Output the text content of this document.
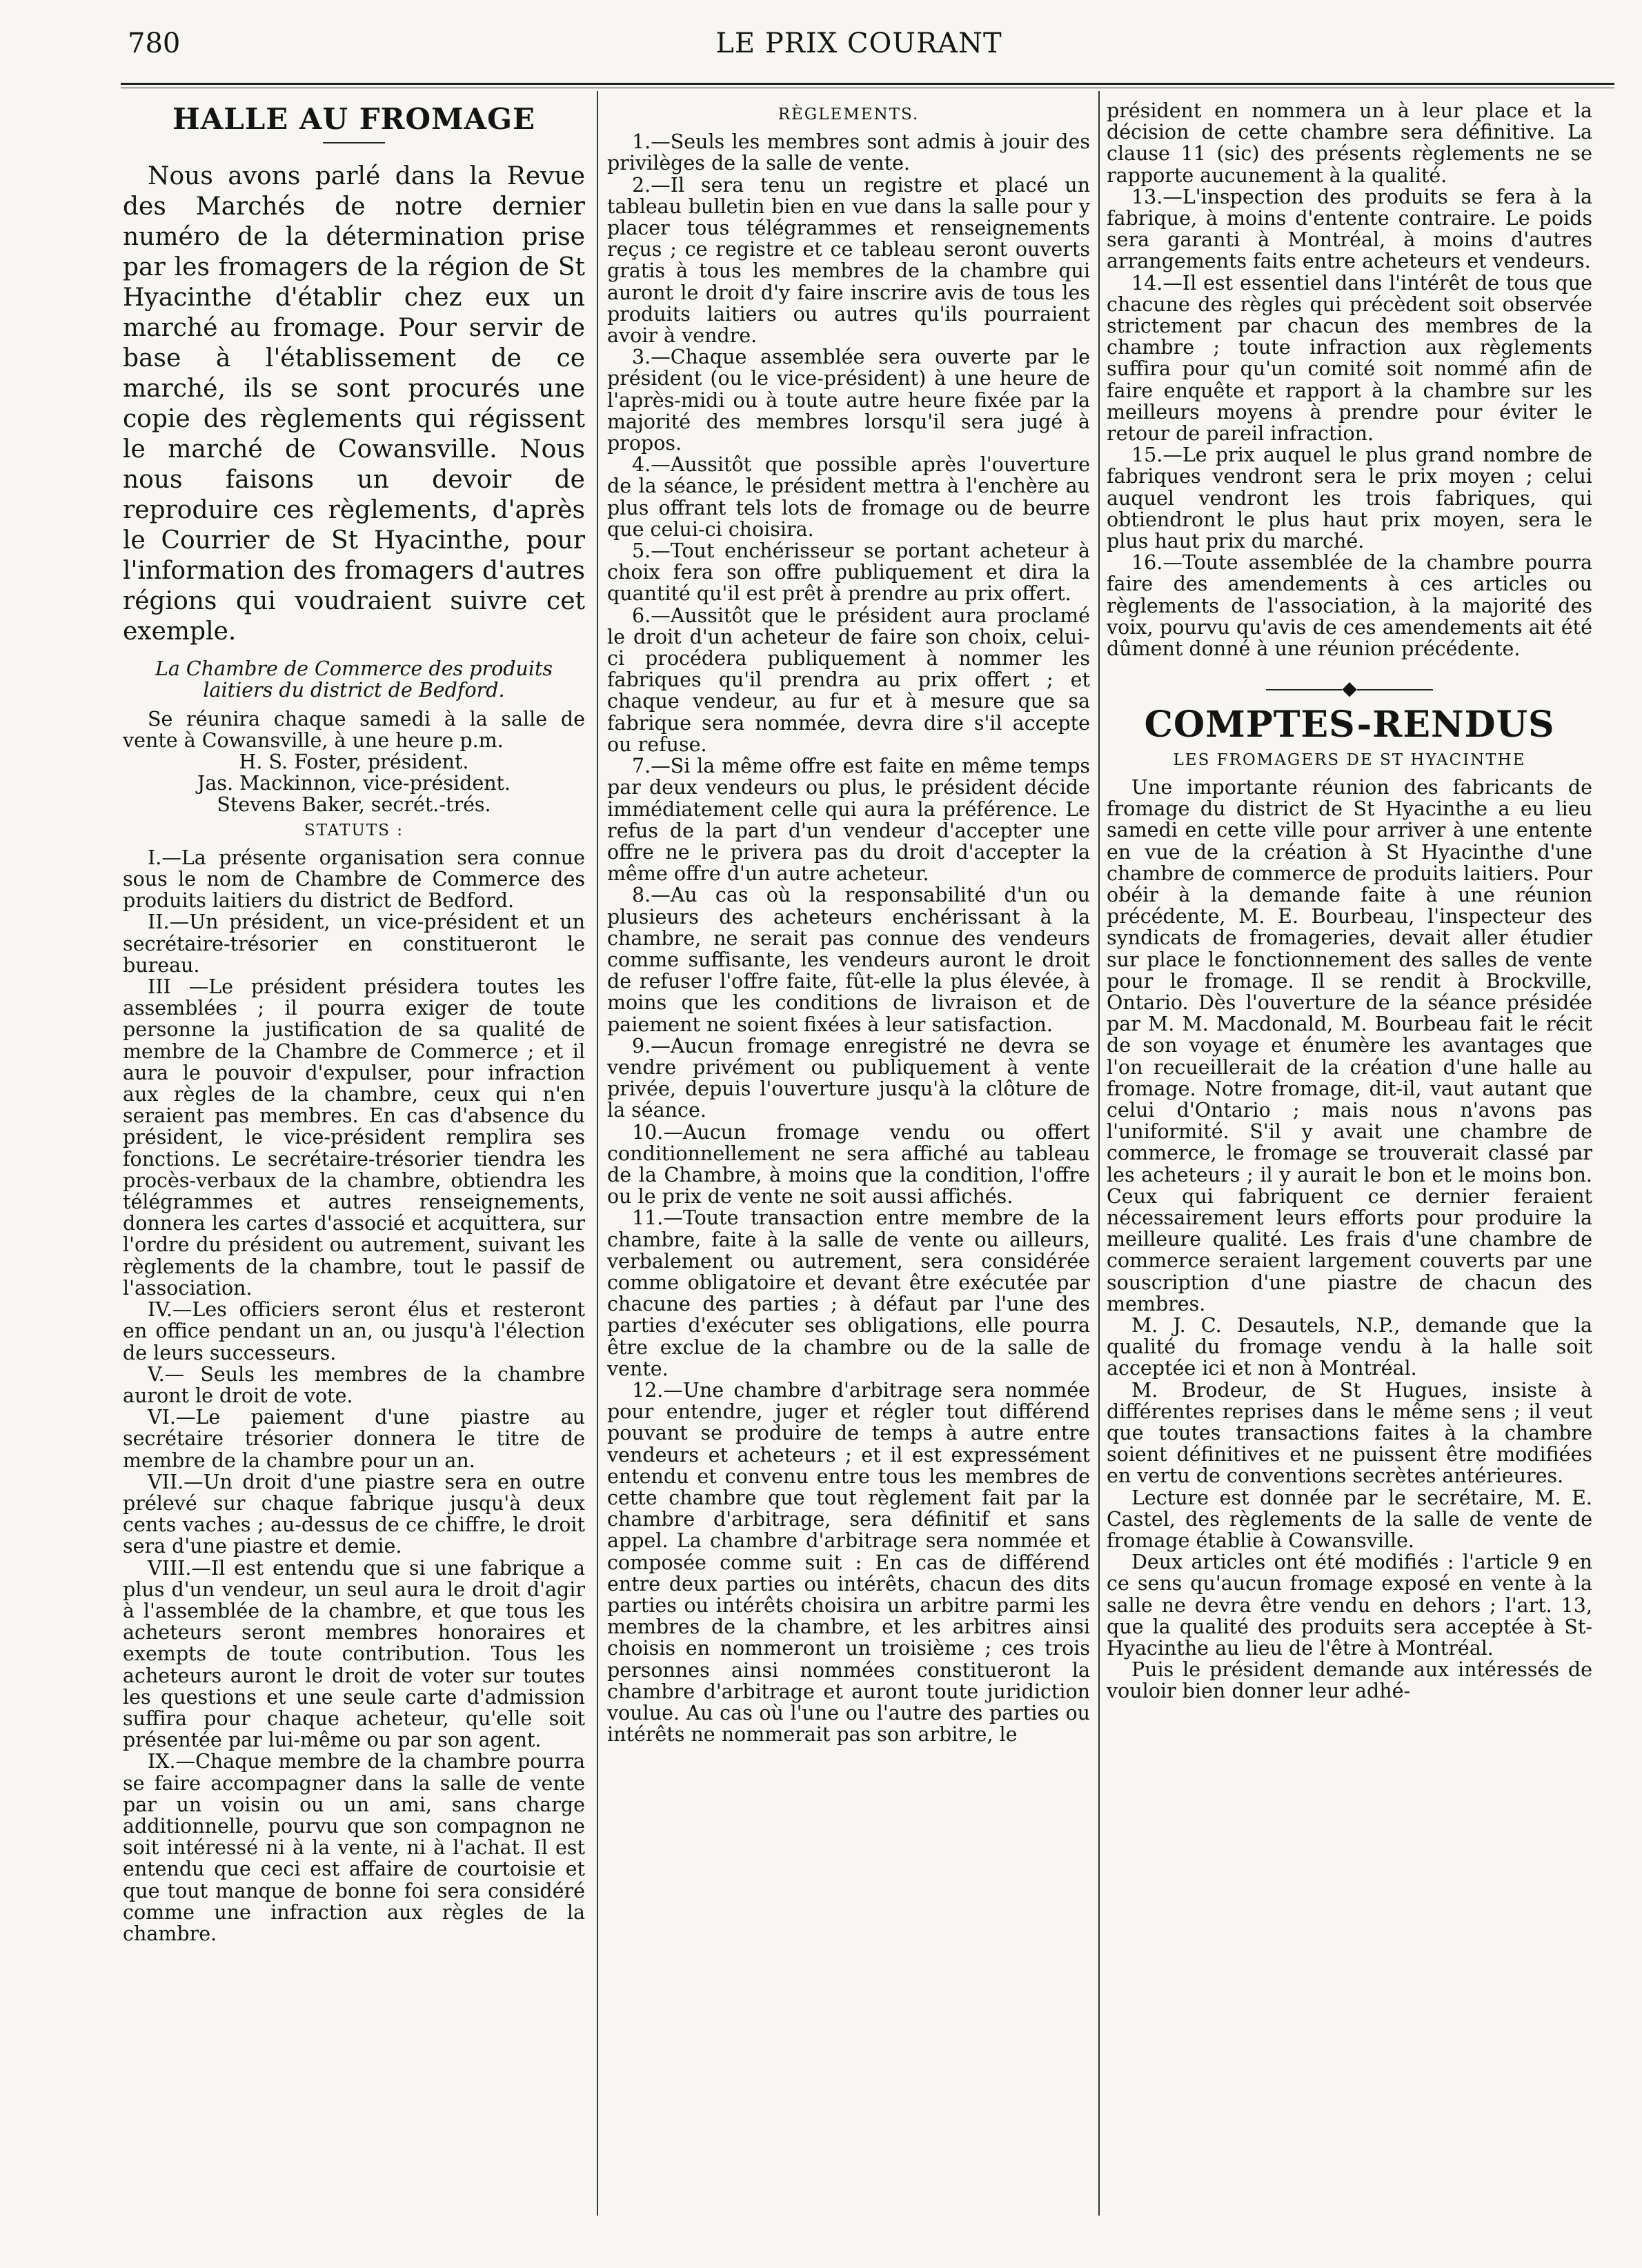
780	LE PRIX COURANT
HALLE AU FROMAGE

Nous avons parlé dans la Revue des Marchés de notre dernier numéro de la détermination prise par les fromagers de la région de St Hyacinthe d'établir chez eux un marché au fromage. Pour servir de base à l'établissement de ce marché, ils se sont procurés une copie des règlements qui régissent le marché de Cowansville. Nous nous faisons un devoir de reproduire ces règlements, d'après le Courrier de St Hyacinthe, pour l'information des fromagers d'autres régions qui voudraient suivre cet exemple.

La Chambre de Commerce des produits laitiers du district de Bedford.

Se réunira chaque samedi à la salle de vente à Cowansville, à une heure p.m.

H. S. Foster, président.

Jas. Mackinnon, vice-président.

Stevens Baker, secrét.-trés.

STATUTS :

I.—La présente organisation sera connue sous le nom de Chambre de Commerce des produits laitiers du district de Bedford.

II.—Un président, un vice-président et un secrétaire-trésorier en constitueront le bureau.

III —Le président présidera toutes les assemblées ; il pourra exiger de toute personne la justification de sa qualité de membre de la Chambre de Commerce ; et il aura le pouvoir d'expulser, pour infraction aux règles de la chambre, ceux qui n'en seraient pas membres. En cas d'absence du président, le vice-président remplira ses fonctions. Le secrétaire-trésorier tiendra les procès-verbaux de la chambre, obtiendra les télégrammes et autres renseignements, donnera les cartes d'associé et acquittera, sur l'ordre du président ou autrement, suivant les règlements de la chambre, tout le passif de l'association.

IV.—Les officiers seront élus et resteront en office pendant un an, ou jusqu'à l'élection de leurs successeurs.

V.— Seuls les membres de la chambre auront le droit de vote.

VI.—Le paiement d'une piastre au secrétaire trésorier donnera le titre de membre de la chambre pour un an.

VII.—Un droit d'une piastre sera en outre prélevé sur chaque fabrique jusqu'à deux cents vaches ; au-dessus de ce chiffre, le droit sera d'une piastre et demie.

VIII.—Il est entendu que si une fabrique a plus d'un vendeur, un seul aura le droit d'agir à l'assemblée de la chambre, et que tous les acheteurs seront membres honoraires et exempts de toute contribution. Tous les acheteurs auront le droit de voter sur toutes les questions et une seule carte d'admission suffira pour chaque acheteur, qu'elle soit présentée par lui-même ou par son agent.

IX.—Chaque membre de la chambre pourra se faire accompagner dans la salle de vente par un voisin ou un ami, sans charge additionnelle, pourvu que son compagnon ne soit intéressé ni à la vente, ni à l'achat. Il est entendu que ceci est affaire de courtoisie et que tout manque de bonne foi sera considéré comme une infraction aux règles de la chambre.

RÈGLEMENTS.

1.—Seuls les membres sont admis à jouir des privilèges de la salle de vente.

2.—Il sera tenu un registre et placé un tableau bulletin bien en vue dans la salle pour y placer tous télégrammes et renseignements reçus ; ce registre et ce tableau seront ouverts gratis à tous les membres de la chambre qui auront le droit d'y faire inscrire avis de tous les produits laitiers ou autres qu'ils pourraient avoir à vendre.

3.—Chaque assemblée sera ouverte par le président (ou le vice-président) à une heure de l'après-midi ou à toute autre heure fixée par la majorité des membres lorsqu'il sera jugé à propos.

4.—Aussitôt que possible après l'ouverture de la séance, le président mettra à l'enchère au plus offrant tels lots de fromage ou de beurre que celui-ci choisira.

5.—Tout enchérisseur se portant acheteur à choix fera son offre publiquement et dira la quantité qu'il est prêt à prendre au prix offert.

6.—Aussitôt que le président aura proclamé le droit d'un acheteur de faire son choix, celui-ci procédera publiquement à nommer les fabriques qu'il prendra au prix offert ; et chaque vendeur, au fur et à mesure que sa fabrique sera nommée, devra dire s'il accepte ou refuse.

7.—Si la même offre est faite en même temps par deux vendeurs ou plus, le président décide immédiatement celle qui aura la préférence. Le refus de la part d'un vendeur d'accepter une offre ne le privera pas du droit d'accepter la même offre d'un autre acheteur.

8.—Au cas où la responsabilité d'un ou plusieurs des acheteurs enchérissant à la chambre, ne serait pas connue des vendeurs comme suffisante, les vendeurs auront le droit de refuser l'offre faite, fût-elle la plus élevée, à moins que les conditions de livraison et de paiement ne soient fixées à leur satisfaction.

9.—Aucun fromage enregistré ne devra se vendre privément ou publiquement à vente privée, depuis l'ouverture jusqu'à la clôture de la séance.

10.—Aucun fromage vendu ou offert conditionnellement ne sera affiché au tableau de la Chambre, à moins que la condition, l'offre ou le prix de vente ne soit aussi affichés.

11.—Toute transaction entre membre de la chambre, faite à la salle de vente ou ailleurs, verbalement ou autrement, sera considérée comme obligatoire et devant être exécutée par chacune des parties ; à défaut par l'une des parties d'exécuter ses obligations, elle pourra être exclue de la chambre ou de la salle de vente.

12.—Une chambre d'arbitrage sera nommée pour entendre, juger et régler tout différend pouvant se produire de temps à autre entre vendeurs et acheteurs ; et il est expressément entendu et convenu entre tous les membres de cette chambre que tout règlement fait par la chambre d'arbitrage, sera définitif et sans appel. La chambre d'arbitrage sera nommée et composée comme suit : En cas de différend entre deux parties ou intérêts, chacun des dits parties ou intérêts choisira un arbitre parmi les membres de la chambre, et les arbitres ainsi choisis en nommeront un troisième ; ces trois personnes ainsi nommées constitueront la chambre d'arbitrage et auront toute juridiction voulue. Au cas où l'une ou l'autre des parties ou intérêts ne nommerait pas son arbitre, le

président en nommera un à leur place et la décision de cette chambre sera définitive. La clause 11 (sic) des présents règlements ne se rapporte aucunement à la qualité.

13.—L'inspection des produits se fera à la fabrique, à moins d'entente contraire. Le poids sera garanti à Montréal, à moins d'autres arrangements faits entre acheteurs et vendeurs.

14.—Il est essentiel dans l'intérêt de tous que chacune des règles qui précèdent soit observée strictement par chacun des membres de la chambre ; toute infraction aux règlements suffira pour qu'un comité soit nommé afin de faire enquête et rapport à la chambre sur les meilleurs moyens à prendre pour éviter le retour de pareil infraction.

15.—Le prix auquel le plus grand nombre de fabriques vendront sera le prix moyen ; celui auquel vendront les trois fabriques, qui obtiendront le plus haut prix moyen, sera le plus haut prix du marché.

16.—Toute assemblée de la chambre pourra faire des amendements à ces articles ou règlements de l'association, à la majorité des voix, pourvu qu'avis de ces amendements ait été dûment donné à une réunion précédente.

◆
COMPTES-RENDUS
LES FROMAGERS DE ST HYACINTHE

Une importante réunion des fabricants de fromage du district de St Hyacinthe a eu lieu samedi en cette ville pour arriver à une entente en vue de la création à St Hyacinthe d'une chambre de commerce de produits laitiers. Pour obéir à la demande faite à une réunion précédente, M. E. Bourbeau, l'inspecteur des syndicats de fromageries, devait aller étudier sur place le fonctionnement des salles de vente pour le fromage. Il se rendit à Brockville, Ontario. Dès l'ouverture de la séance présidée par M. M. Macdonald, M. Bourbeau fait le récit de son voyage et énumère les avantages que l'on recueillerait de la création d'une halle au fromage. Notre fromage, dit-il, vaut autant que celui d'Ontario ; mais nous n'avons pas l'uniformité. S'il y avait une chambre de commerce, le fromage se trouverait classé par les acheteurs ; il y aurait le bon et le moins bon. Ceux qui fabriquent ce dernier feraient nécessairement leurs efforts pour produire la meilleure qualité. Les frais d'une chambre de commerce seraient largement couverts par une souscription d'une piastre de chacun des membres.

M. J. C. Desautels, N.P., demande que la qualité du fromage vendu à la halle soit acceptée ici et non à Montréal.

M. Brodeur, de St Hugues, insiste à différentes reprises dans le même sens ; il veut que toutes transactions faites à la chambre soient définitives et ne puissent être modifiées en vertu de conventions secrètes antérieures.

Lecture est donnée par le secrétaire, M. E. Castel, des règlements de la salle de vente de fromage établie à Cowansville.

Deux articles ont été modifiés : l'article 9 en ce sens qu'aucun fromage exposé en vente à la salle ne devra être vendu en dehors ; l'art. 13, que la qualité des produits sera acceptée à St-Hyacinthe au lieu de l'être à Montréal.

Puis le président demande aux intéressés de vouloir bien donner leur adhé-
